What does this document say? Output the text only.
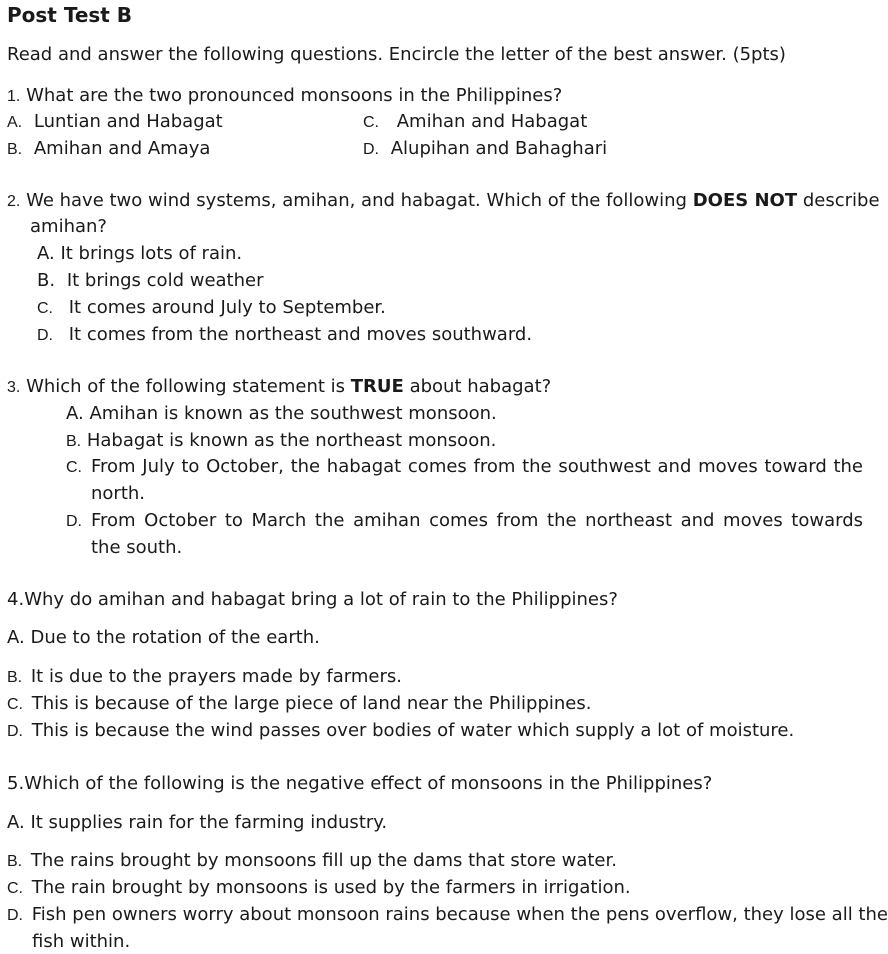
Post Test B
Read and answer the following questions. Encircle the letter of the best answer. (5pts)
1. What are the two pronounced monsoons in the Philippines?
A. Luntian and Habagat
B. Amihan and Amaya
C. Amihan and Habagat
D. Alupihan and Bahaghari
2. We have two wind systems, amihan, and habagat. Which of the following DOES NOT describe
amihan?
A. It brings lots of rain.
B. It brings cold weather
C. It comes around July to September.
D. It comes from the northeast and moves southward.
3. Which of the following statement is TRUE about habagat?
A. Amihan is known as the southwest monsoon.
B. Habagat is known as the northeast monsoon.
C. From July to October, the habagat comes from the southwest and moves toward the north.

D. From October to March the amihan comes from the northeast and moves towards the south.

4.Why do amihan and habagat bring a lot of rain to the Philippines?
A. Due to the rotation of the earth.
B. It is due to the prayers made by farmers.
C. This is because of the large piece of land near the Philippines.
D. This is because the wind passes over bodies of water which supply a lot of moisture.
5.Which of the following is the negative effect of monsoons in the Philippines?
A. It supplies rain for the farming industry.
B. The rains brought by monsoons fill up the dams that store water.
C. The rain brought by monsoons is used by the farmers in irrigation.
D. Fish pen owners worry about monsoon rains because when the pens overflow, they lose all the
fish within.
